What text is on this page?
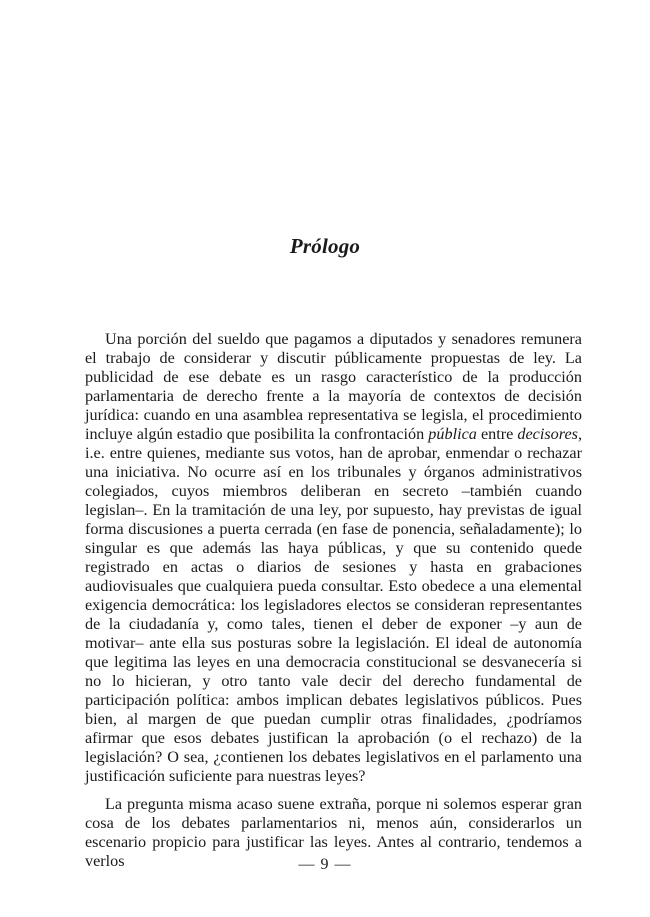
Prólogo

Una porción del sueldo que pagamos a diputados y senadores remunera el trabajo de considerar y discutir públicamente propuestas de ley. La publicidad de ese debate es un rasgo característico de la producción parlamentaria de derecho frente a la mayoría de contextos de decisión jurídica: cuando en una asamblea representativa se legisla, el procedimiento incluye algún estadio que posibilita la confrontación pública entre decisores, i.e. entre quienes, mediante sus votos, han de aprobar, enmendar o rechazar una iniciativa. No ocurre así en los tribunales y órganos administrativos colegiados, cuyos miembros deliberan en secreto –también cuando legislan–. En la tramitación de una ley, por supuesto, hay previstas de igual forma discusiones a puerta cerrada (en fase de ponencia, señaladamente); lo singular es que además las haya públicas, y que su contenido quede registrado en actas o diarios de sesiones y hasta en grabaciones audiovisuales que cualquiera pueda consultar. Esto obedece a una elemental exigencia democrática: los legisladores electos se consideran representantes de la ciudadanía y, como tales, tienen el deber de exponer –y aun de motivar– ante ella sus posturas sobre la legislación. El ideal de autonomía que legitima las leyes en una democracia constitucional se desvanecería si no lo hicieran, y otro tanto vale decir del derecho fundamental de participación política: ambos implican debates legislativos públicos. Pues bien, al margen de que puedan cumplir otras finalidades, ¿podríamos afirmar que esos debates justifican la aprobación (o el rechazo) de la legislación? O sea, ¿contienen los debates legislativos en el parlamento una justificación suficiente para nuestras leyes?

La pregunta misma acaso suene extraña, porque ni solemos esperar gran cosa de los debates parlamentarios ni, menos aún, considerarlos un escenario propicio para justificar las leyes. Antes al contrario, tendemos a verlos	— 9 —
